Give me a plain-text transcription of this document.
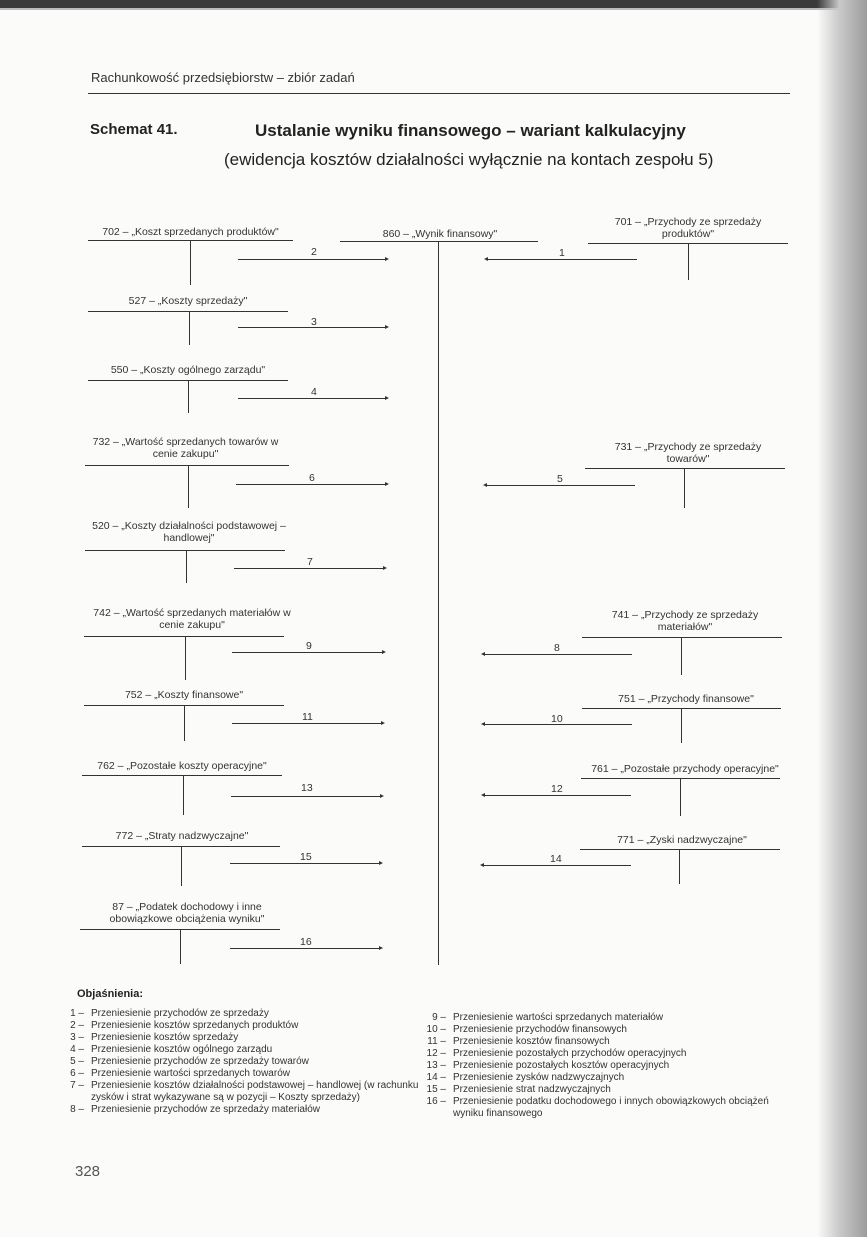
Rachunkowość przedsiębiorstw – zbiór zadań
Schemat 41.	Ustalanie wyniku finansowego – wariant kalkulacyjny
(ewidencja kosztów działalności wyłącznie na kontach zespołu 5)
860 – „Wynik finansowy"
702 – „Koszt sprzedanych produktów"
2
701 – „Przychody ze sprzedaży produktów"
1
527 – „Koszty sprzedaży"
3
550 – „Koszty ogólnego zarządu"
4
732 – „Wartość sprzedanych towarów w cenie zakupu"
6
731 – „Przychody ze sprzedaży towarów"
5
520 – „Koszty działalności podstawowej – handlowej"
7
742 – „Wartość sprzedanych materiałów w cenie zakupu"
9
741 – „Przychody ze sprzedaży materiałów"
8
752 – „Koszty finansowe"
11
751 – „Przychody finansowe"
10
762 – „Pozostałe koszty operacyjne"
13
761 – „Pozostałe przychody operacyjne"
12
772 – „Straty nadzwyczajne"
15
771 – „Zyski nadzwyczajne"
14
87 – „Podatek dochodowy i inne obowiązkowe obciążenia wyniku"
16
Objaśnienia:
1 – Przeniesienie przychodów ze sprzedaży
2 – Przeniesienie kosztów sprzedanych produktów
3 – Przeniesienie kosztów sprzedaży
4 – Przeniesienie kosztów ogólnego zarządu
5 – Przeniesienie przychodów ze sprzedaży towarów
6 – Przeniesienie wartości sprzedanych towarów
7 – Przeniesienie kosztów działalności podstawowej – handlowej (w rachunku zysków i strat wykazywane są w pozycji – Koszty sprzedaży)
8 – Przeniesienie przychodów ze sprzedaży materiałów
9 – Przeniesienie wartości sprzedanych materiałów
10 – Przeniesienie przychodów finansowych
11 – Przeniesienie kosztów finansowych
12 – Przeniesienie pozostałych przychodów operacyjnych
13 – Przeniesienie pozostałych kosztów operacyjnych
14 – Przeniesienie zysków nadzwyczajnych
15 – Przeniesienie strat nadzwyczajnych
16 – Przeniesienie podatku dochodowego i innych obowiązkowych obciążeń wyniku finansowego
328
